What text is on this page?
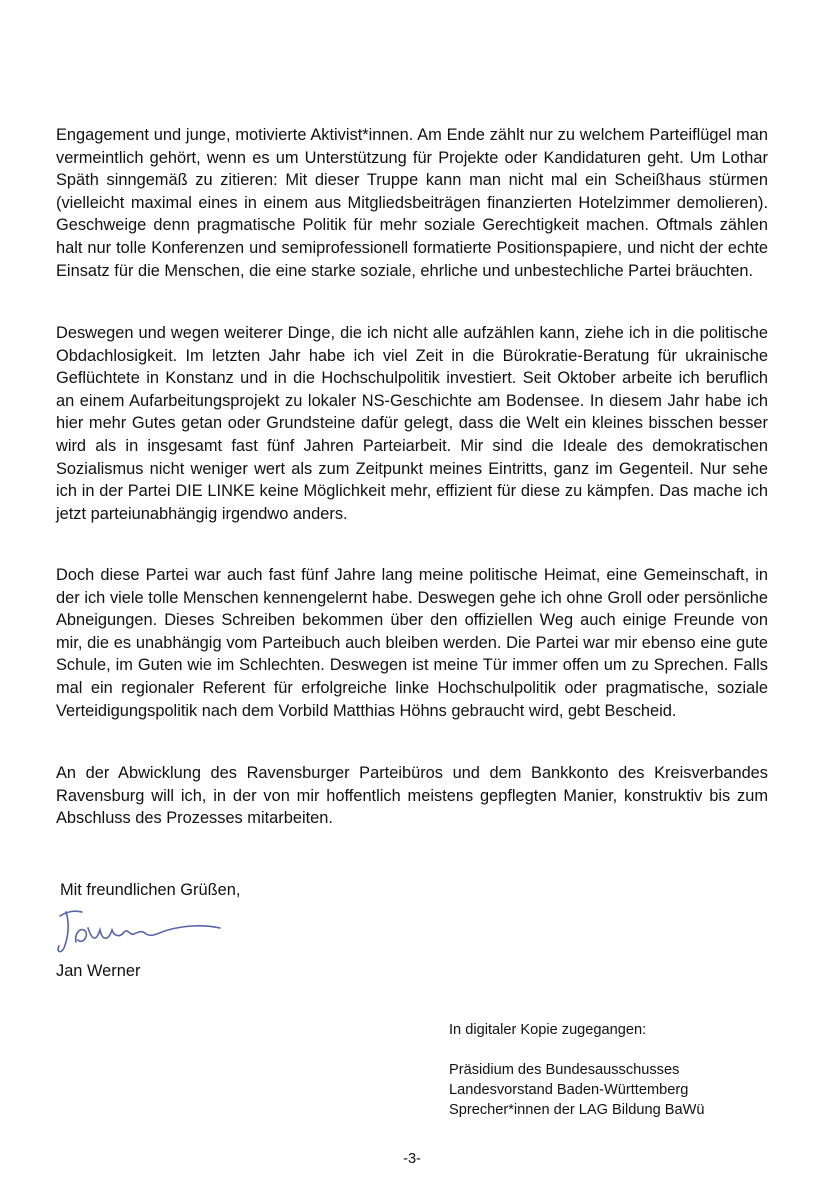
Engagement und junge, motivierte Aktivist*innen. Am Ende zählt nur zu welchem Parteiflügel man vermeintlich gehört, wenn es um Unterstützung für Projekte oder Kandidaturen geht. Um Lothar Späth sinngemäß zu zitieren: Mit dieser Truppe kann man nicht mal ein Scheißhaus stürmen (vielleicht maximal eines in einem aus Mitgliedsbeiträgen finanzierten Hotelzimmer demolieren). Geschweige denn pragmatische Politik für mehr soziale Gerechtigkeit machen. Oftmals zählen halt nur tolle Konferenzen und semiprofessionell formatierte Positionspapiere, und nicht der echte Einsatz für die Menschen, die eine starke soziale, ehrliche und unbestechliche Partei bräuchten.

Deswegen und wegen weiterer Dinge, die ich nicht alle aufzählen kann, ziehe ich in die politische Obdachlosigkeit. Im letzten Jahr habe ich viel Zeit in die Bürokratie-Beratung für ukrainische Geflüchtete in Konstanz und in die Hochschulpolitik investiert. Seit Oktober arbeite ich beruflich an einem Aufarbeitungsprojekt zu lokaler NS-Geschichte am Bodensee. In diesem Jahr habe ich hier mehr Gutes getan oder Grundsteine dafür gelegt, dass die Welt ein kleines bisschen besser wird als in insgesamt fast fünf Jahren Parteiarbeit. Mir sind die Ideale des demokratischen Sozialismus nicht weniger wert als zum Zeitpunkt meines Eintritts, ganz im Gegenteil. Nur sehe ich in der Partei DIE LINKE keine Möglichkeit mehr, effizient für diese zu kämpfen. Das mache ich jetzt parteiunabhängig irgendwo anders.

Doch diese Partei war auch fast fünf Jahre lang meine politische Heimat, eine Gemeinschaft, in der ich viele tolle Menschen kennengelernt habe. Deswegen gehe ich ohne Groll oder persönliche Abneigungen. Dieses Schreiben bekommen über den offiziellen Weg auch einige Freunde von mir, die es unabhängig vom Parteibuch auch bleiben werden. Die Partei war mir ebenso eine gute Schule, im Guten wie im Schlechten. Deswegen ist meine Tür immer offen um zu Sprechen. Falls mal ein regionaler Referent für erfolgreiche linke Hochschulpolitik oder pragmatische, soziale Verteidigungspolitik nach dem Vorbild Matthias Höhns gebraucht wird, gebt Bescheid.

An der Abwicklung des Ravensburger Parteibüros und dem Bankkonto des Kreisverbandes Ravensburg will ich, in der von mir hoffentlich meistens gepflegten Manier, konstruktiv bis zum Abschluss des Prozesses mitarbeiten.

Mit freundlichen Grüßen,

Jan Werner

In digitaler Kopie zugegangen:

Präsidium des Bundesausschusses
Landesvorstand Baden-Württemberg
Sprecher*innen der LAG Bildung BaWü

-3-
